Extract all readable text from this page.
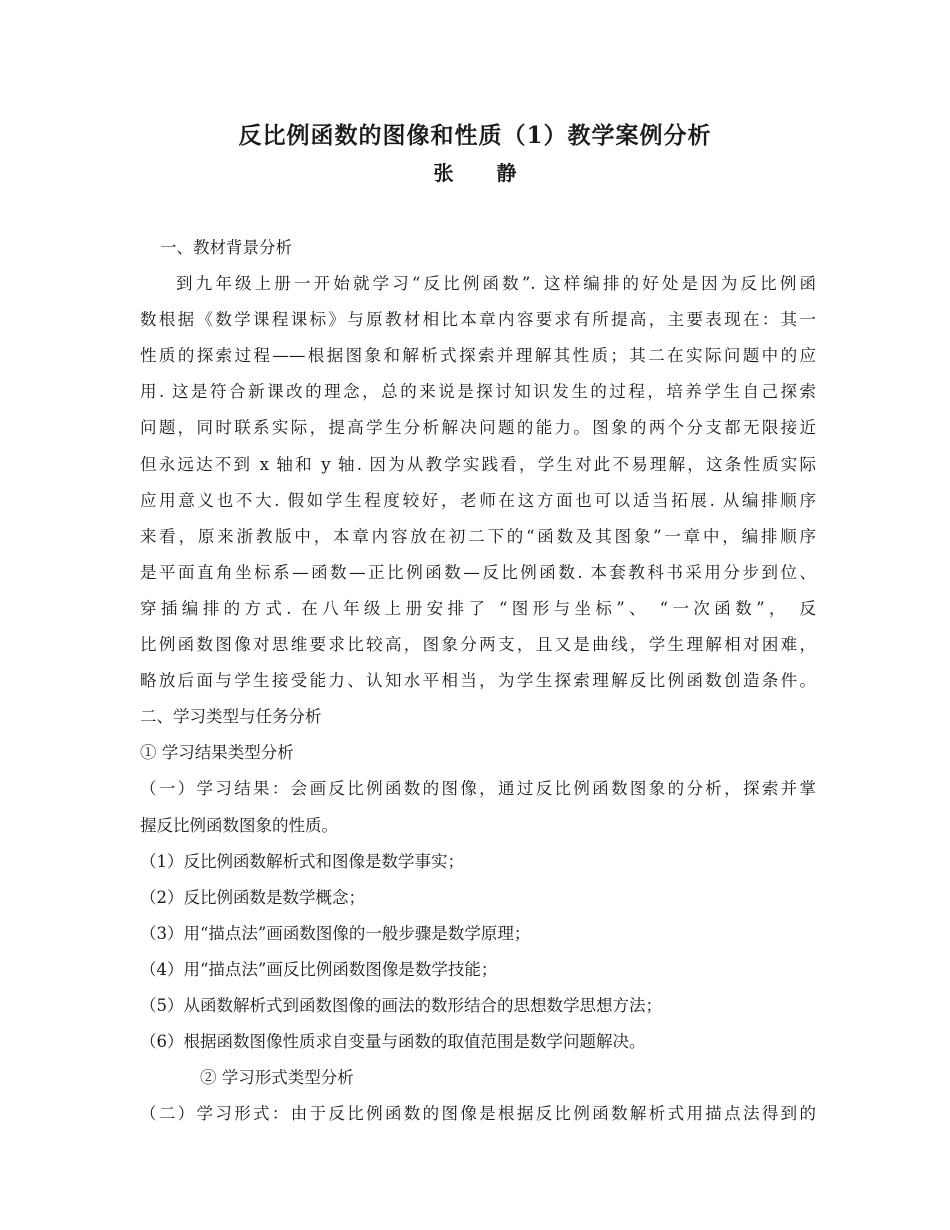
反比例函数的图像和性质（1）教学案例分析
张 静
一、教材背景分析
到九年级上册一开始就学习“反比例函数”. 这样编排的好处是因为反比例函
数根据《数学课程课标》与原教材相比本章内容要求有所提高，主要表现在：其一
性质的探索过程——根据图象和解析式探索并理解其性质；其二在实际问题中的应
用. 这是符合新课改的理念，总的来说是探讨知识发生的过程，培养学生自己探索
问题，同时联系实际，提高学生分析解决问题的能力。图象的两个分支都无限接近
但永远达不到 x 轴和 y 轴. 因为从教学实践看，学生对此不易理解，这条性质实际
应用意义也不大. 假如学生程度较好，老师在这方面也可以适当拓展. 从编排顺序
来看，原来浙教版中，本章内容放在初二下的“函数及其图象”一章中，编排顺序
是平面直角坐标系—函数—正比例函数—反比例函数. 本套教科书采用分步到位、
穿插编排的方式. 在八年级上册安排了 “图形与坐标”、 “一次函数”， 反
比例函数图像对思维要求比较高，图象分两支，且又是曲线，学生理解相对困难，
略放后面与学生接受能力、认知水平相当，为学生探索理解反比例函数创造条件。
二、学习类型与任务分析
① 学习结果类型分析
（一）学习结果：会画反比例函数的图像，通过反比例函数图象的分析，探索并掌
握反比例函数图象的性质。
（1）反比例函数解析式和图像是数学事实；
（2）反比例函数是数学概念；
（3）用“描点法”画函数图像的一般步骤是数学原理；
（4）用“描点法”画反比例函数图像是数学技能；
（5）从函数解析式到函数图像的画法的数形结合的思想数学思想方法；
（6）根据函数图像性质求自变量与函数的取值范围是数学问题解决。
② 学习形式类型分析
（二）学习形式：由于反比例函数的图像是根据反比例函数解析式用描点法得到的
